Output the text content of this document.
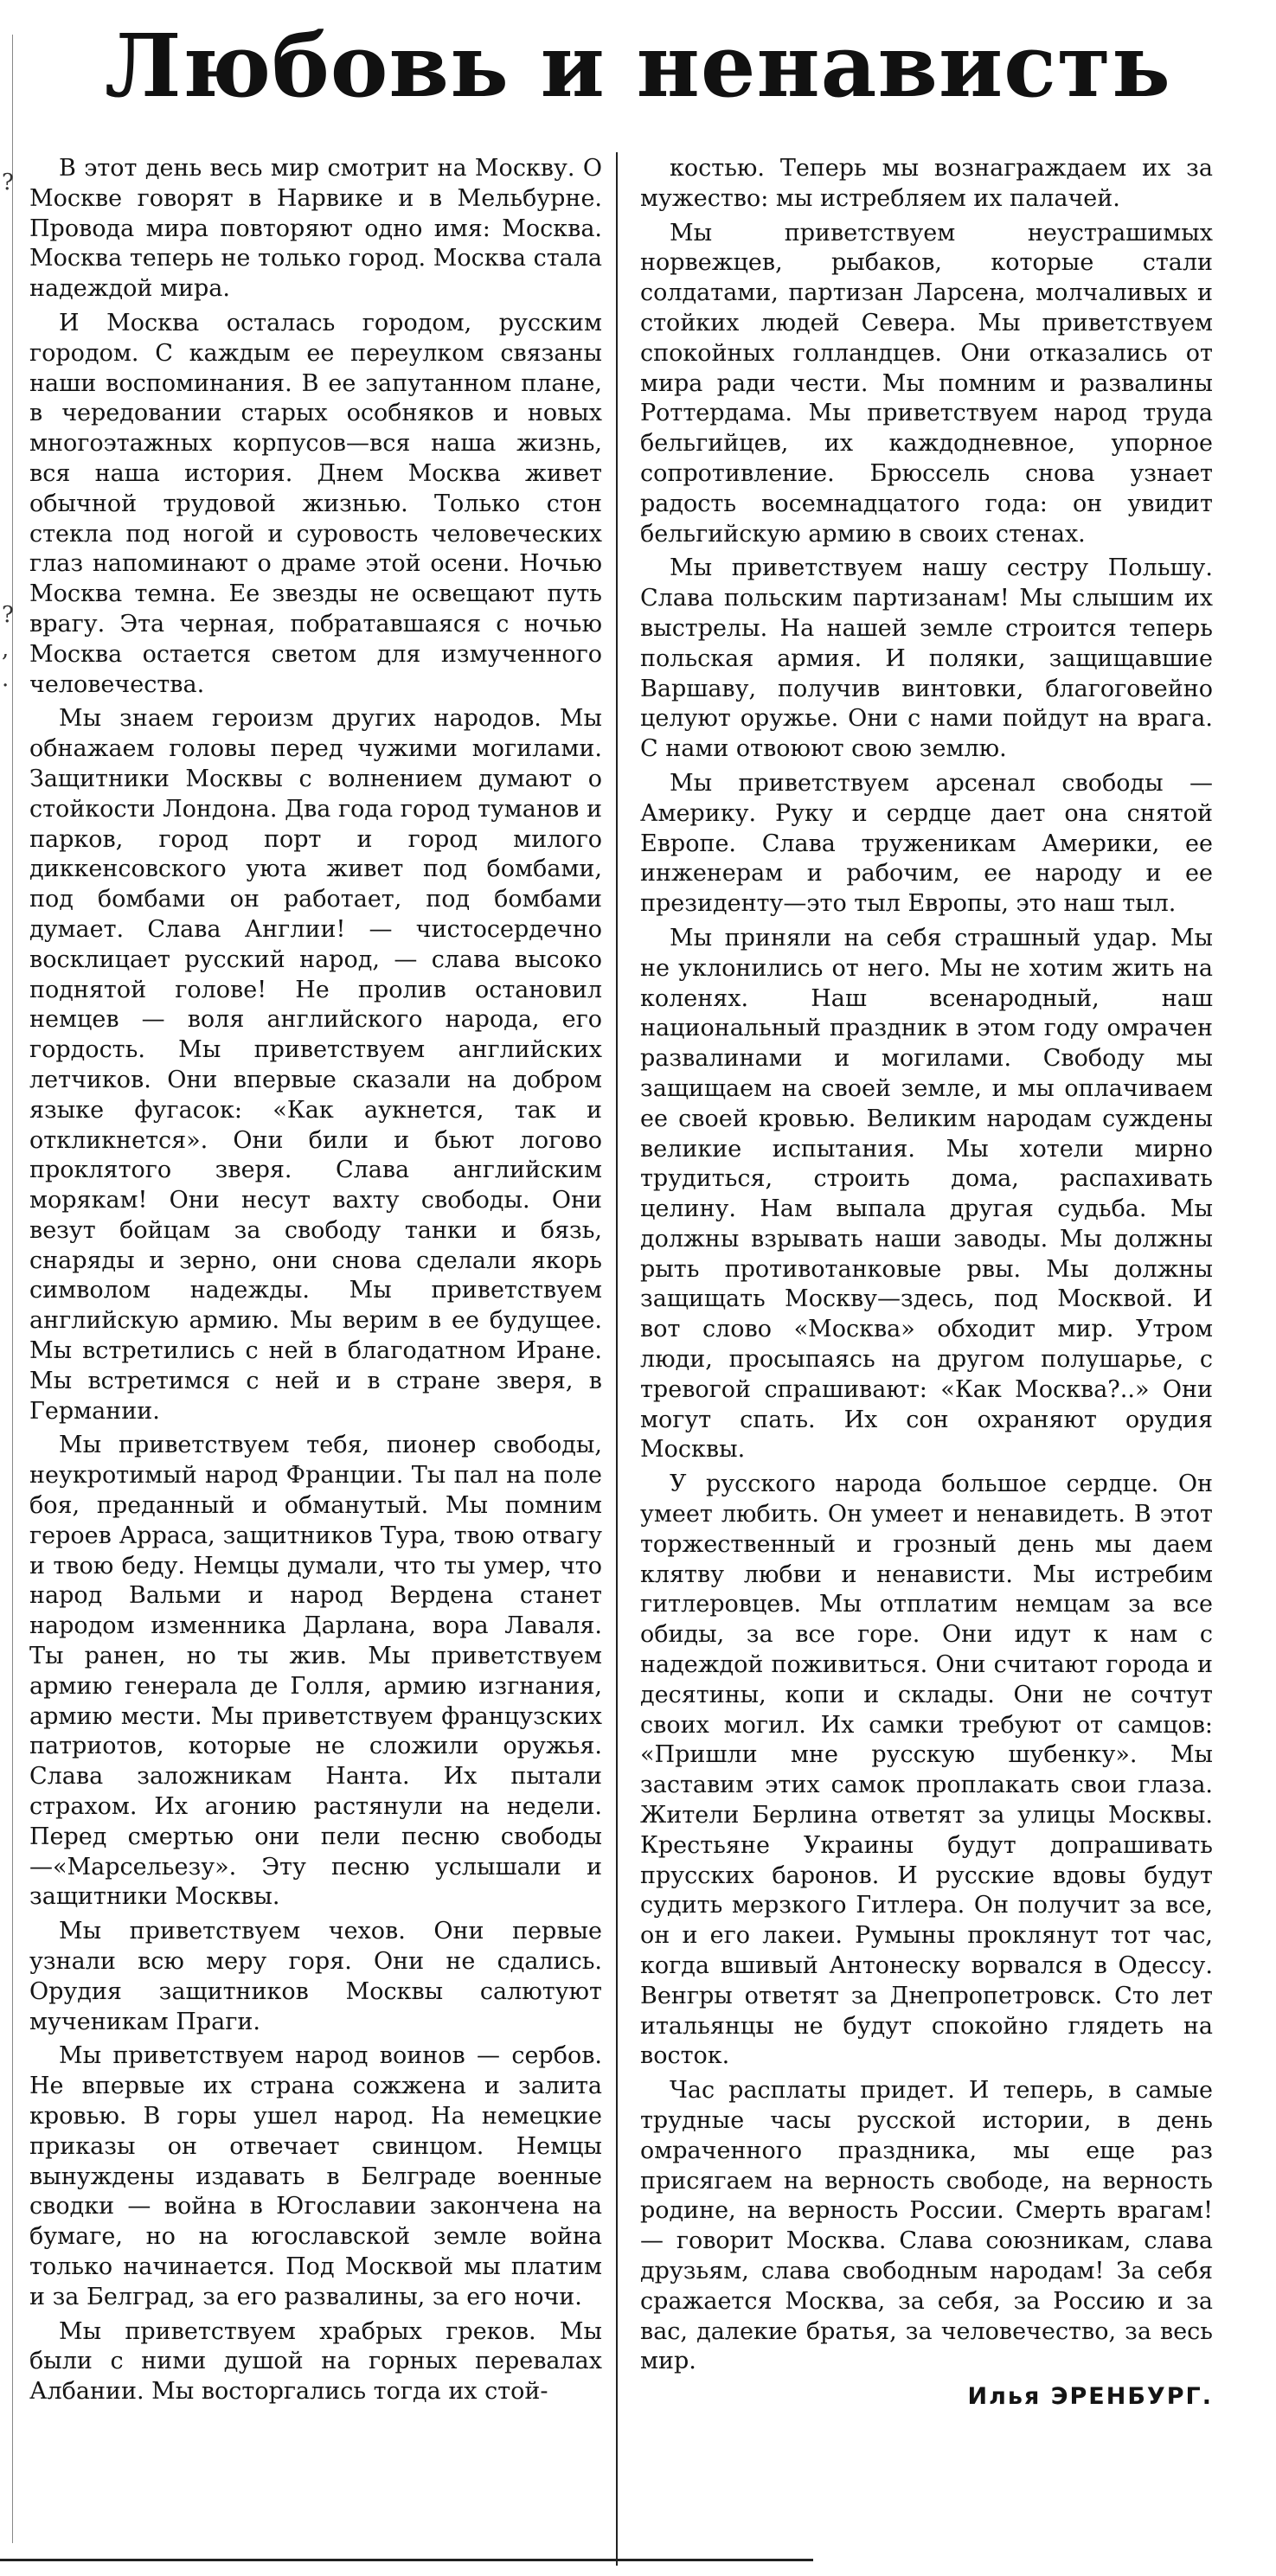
?
?
,
.
Любовь и ненависть

В этот день весь мир смотрит на Москву. О Москве говорят в Нарвике и в Мельбурне. Провода мира повторяют одно имя: Москва. Москва теперь не только город. Москва стала надеждой мира.

И Москва осталась городом, русским городом. С каждым ее переулком связаны наши воспоминания. В ее запутанном плане, в чередовании старых особняков и новых многоэтажных корпусов—вся наша жизнь, вся наша история. Днем Москва живет обычной трудовой жизнью. Только стон стекла под ногой и суровость человеческих глаз напоминают о драме этой осени. Ночью Москва темна. Ее звезды не освещают путь врагу. Эта черная, побратавшаяся с ночью Москва остается светом для измученного человечества.

Мы знаем героизм других народов. Мы обнажаем головы перед чужими могилами. Защитники Москвы с волнением думают о стойкости Лондона. Два года город туманов и парков, город порт и город милого диккенсовского уюта живет под бомбами, под бомбами он работает, под бомбами думает. Слава Англии! — чистосердечно восклицает русский народ, — слава высоко поднятой голове! Не пролив остановил немцев — воля английского народа, его гордость. Мы приветствуем английских летчиков. Они впервые сказали на добром языке фугасок: «Как аукнется, так и откликнется». Они били и бьют логово проклятого зверя. Слава английским морякам! Они несут вахту свободы. Они везут бойцам за свободу танки и бязь, снаряды и зерно, они снова сделали якорь символом надежды. Мы приветствуем английскую армию. Мы верим в ее будущее. Мы встретились с ней в благодатном Иране. Мы встретимся с ней и в стране зверя, в Германии.

Мы приветствуем тебя, пионер свободы, неукротимый народ Франции. Ты пал на поле боя, преданный и обманутый. Мы помним героев Арраса, защитников Тура, твою отвагу и твою беду. Немцы думали, что ты умер, что народ Вальми и народ Вердена станет народом изменника Дарлана, вора Лаваля. Ты ранен, но ты жив. Мы приветствуем армию генерала де Голля, армию изгнания, армию мести. Мы приветствуем французских патриотов, которые не сложили оружья. Слава заложникам Нанта. Их пытали страхом. Их агонию растянули на недели. Перед смертью они пели песню свободы—«Марсельезу». Эту песню услышали и защитники Москвы.

Мы приветствуем чехов. Они первые узнали всю меру горя. Они не сдались. Орудия защитников Москвы салютуют мученикам Праги.

Мы приветствуем народ воинов — сербов. Не впервые их страна сожжена и залита кровью. В горы ушел народ. На немецкие приказы он отвечает свинцом. Немцы вынуждены издавать в Белграде военные сводки — война в Югославии закончена на бумаге, но на югославской земле война только начинается. Под Москвой мы платим и за Белград, за его развалины, за его ночи.

Мы приветствуем храбрых греков. Мы были с ними душой на горных перевалах Албании. Мы восторгались тогда их стой-

костью. Теперь мы вознаграждаем их за мужество: мы истребляем их палачей.

Мы приветствуем неустрашимых норвежцев, рыбаков, которые стали солдатами, партизан Ларсена, молчаливых и стойких людей Севера. Мы приветствуем спокойных голландцев. Они отказались от мира ради чести. Мы помним и развалины Роттердама. Мы приветствуем народ труда бельгийцев, их каждодневное, упорное сопротивление. Брюссель снова узнает радость восемнадцатого года: он увидит бельгийскую армию в своих стенах.

Мы приветствуем нашу сестру Польшу. Слава польским партизанам! Мы слышим их выстрелы. На нашей земле строится теперь польская армия. И поляки, защищавшие Варшаву, получив винтовки, благоговейно целуют оружье. Они с нами пойдут на врага. С нами отвоюют свою землю.

Мы приветствуем арсенал свободы — Америку. Руку и сердце дает она снятой Европе. Слава труженикам Америки, ее инженерам и рабочим, ее народу и ее президенту—это тыл Европы, это наш тыл.

Мы приняли на себя страшный удар. Мы не уклонились от него. Мы не хотим жить на коленях. Наш всенародный, наш национальный праздник в этом году омрачен развалинами и могилами. Свободу мы защищаем на своей земле, и мы оплачиваем ее своей кровью. Великим народам суждены великие испытания. Мы хотели мирно трудиться, строить дома, распахивать целину. Нам выпала другая судьба. Мы должны взрывать наши заводы. Мы должны рыть противотанковые рвы. Мы должны защищать Москву—здесь, под Москвой. И вот слово «Москва» обходит мир. Утром люди, просыпаясь на другом полушарье, с тревогой спрашивают: «Как Москва?..» Они могут спать. Их сон охраняют орудия Москвы.

У русского народа большое сердце. Он умеет любить. Он умеет и ненавидеть. В этот торжественный и грозный день мы даем клятву любви и ненависти. Мы истребим гитлеровцев. Мы отплатим немцам за все обиды, за все горе. Они идут к нам с надеждой поживиться. Они считают города и десятины, копи и склады. Они не сочтут своих могил. Их самки требуют от самцов: «Пришли мне русскую шубенку». Мы заставим этих самок проплакать свои глаза. Жители Берлина ответят за улицы Москвы. Крестьяне Украины будут допрашивать прусских баронов. И русские вдовы будут судить мерзкого Гитлера. Он получит за все, он и его лакеи. Румыны проклянут тот час, когда вшивый Антонеску ворвался в Одессу. Венгры ответят за Днепропетровск. Сто лет итальянцы не будут спокойно глядеть на восток.

Час расплаты придет. И теперь, в самые трудные часы русской истории, в день омраченного праздника, мы еще раз присягаем на верность свободе, на верность родине, на верность России. Смерть врагам! — говорит Москва. Слава союзникам, слава друзьям, слава свободным народам! За себя сражается Москва, за себя, за Россию и за вас, далекие братья, за человечество, за весь мир.

Илья ЭРЕНБУРГ.
